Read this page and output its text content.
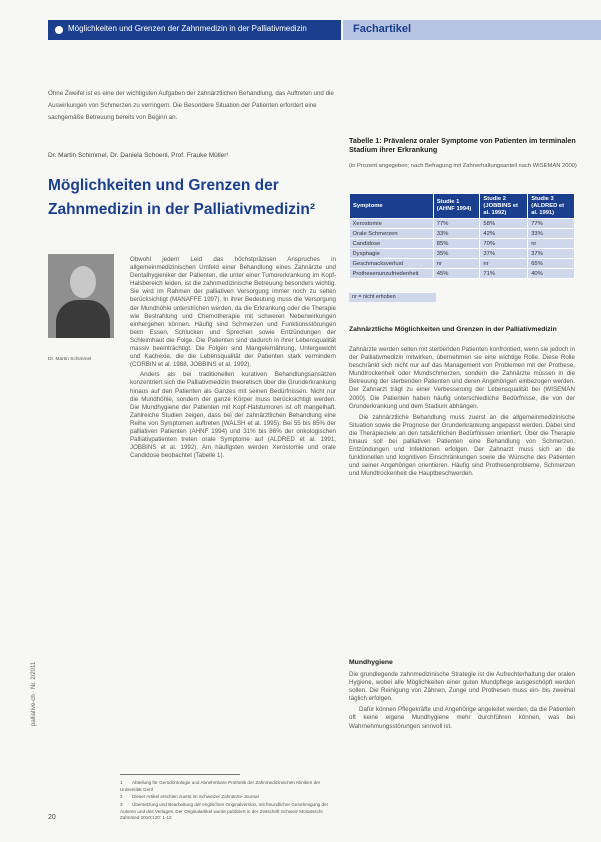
Möglichkeiten und Grenzen der Zahnmedizin in der Palliativmedizin	Fachartikel
Ohne Zweifel ist es eine der wichtigsten Aufgaben der zahnärztlichen Behandlung, das Auftreten und die Auswirkungen von Schmerzen zu verringern. Die Besondere Situation der Patienten erfordert eine sachgemäße Betreuung bereits von Beginn an.
Dr. Martin Schimmel, Dr. Daniela Schoenl, Prof. Frauke Müller¹
Möglichkeiten und Grenzen der Zahnmedizin in der Palliativmedizin²
Dr. Martin Schimmel

Obwohl jedem Leid das höchstpräzisen Anspruches in allgemeinmedizinischen Umfeld einer Behandlung eines Zahnärzte und Dentalhygieniker der Patienten, die unter einer Tumorerkrankung im Kopf-Halsbereich leiden, ist die zahnmedizinische Betreuung besonders wichtig. Sie wird im Rahmen der palliativen Versorgung immer noch zu selten berücksichtigt (MANAFFE 1997). In ihrer Bedeutung muss die Versorgung der Mundhöhle unterstrichen werden, da die Erkrankung oder die Therapie wie Bestrahlung und Chemotherapie mit schweren Nebenwirkungen einhergehen können. Häufig sind Schmerzen und Funktionsstörungen beim Essen, Schlucken und Sprechen sowie Entzündungen der Schleimhaut die Folge. Die Patienten sind dadurch in ihrer Lebensqualität massiv beeinträchtigt. Die Folgen sind Mangelernährung, Untergewicht und Kachexie, die die Lebensqualität der Patienten stark vermindern (CORBIN et al. 1988, JOBBINS et al. 1992).

Anders als bei traditionellen kurativen Behandlungsansätzen konzentriert sich die Palliativmedizin theoretisch über die Grunderkrankung hinaus auf den Patienten als Ganzes mit seinen Bedürfnissen. Nicht nur die Mundhöhle, sondern der ganze Körper muss berücksichtigt werden. Die Mundhygiene der Patienten mit Kopf-Halstumoren ist oft mangelhaft. Zahlreiche Studien zeigen, dass bei der zahnärztlichen Behandlung eine Reihe von Symptomen auftreten (WALSH et al. 1995). Bei 55 bis 85% der palliativen Patienten (AHNF 1994) und 31% bis 86% der onkologischen Palliativpatienten treten orale Symptome auf (ALDRED et al. 1991, JOBBINS et al. 1992). Am häufigsten werden Xerostomie und orale Candidose beobachtet (Tabelle 1).

palliative-ch · Nr. 2/2011
1 Abteilung für Gerodontologie und Abnehmbare Prothetik der Zahnmedizinischen Kliniken der Universität Genf
2 Dieser Artikel erschien zuerst im Schweizer Zahnärzte-Journal
3 Übersetzung und Bearbeitung der englischen Originalversion, mit freundlicher Genehmigung der Autoren und des Verlages. Der Originalartikel wurde publiziert in der Zeitschrift Schweiz Monatsschr Zahnmed 2010;120: 1-12
20
Tabelle 1: Prävalenz oraler Symptome von Patienten im terminalen Stadium ihrer Erkrankung
(in Prozent angegeben; nach Befragung mit Zahnerhaltungsanteil nach WISEMAN 2000)
Symptome	Studie 1 (AHNF 1994)	Studie 2 (JOBBINS et al. 1992)	Studie 3 (ALDRED et al. 1991)
Xerostomie	77%	58%	77%
Orale Schmerzen	33%	42%	33%
Candidose	85%	70%	nr
Dysphagie	35%	37%	37%
Geschmacksverlust	nr	nr	65%
Prothesenunzufriedenheit	45%	71%	40%
nr = nicht erhoben
Zahnärztliche Möglichkeiten und Grenzen in der Palliativmedizin

Zahnärzte werden selten mit sterbenden Patienten konfrontiert, wenn sie jedoch in der Palliativmedizin mitwirken, übernehmen sie eine wichtige Rolle. Diese Rolle beschränkt sich nicht nur auf das Management von Problemen mit der Prothese, Mundtrockenheit oder Mundschmerzen, sondern die Zahnärzte müssen in die Betreuung der sterbenden Patienten und deren Angehörigen einbezogen werden. Der Zahnarzt trägt zu einer Verbesserung der Lebensqualität bei (WISEMAN 2000). Die Patienten haben häufig unterschiedliche Bedürfnisse, die von der Grunderkrankung und dem Stadium abhängen.

Die zahnärztliche Behandlung muss zuerst an die allgemeinmedizinische Situation sowie die Prognose der Grunderkrankung angepasst werden. Dabei sind die Therapieziele an den tatsächlichen Bedürfnissen orientiert. Über die Therapie hinaus soll bei palliativen Patienten eine Behandlung von Schmerzen, Entzündungen und Infektionen erfolgen. Der Zahnarzt muss sich an die funktionellen und kognitiven Einschränkungen sowie die Wünsche des Patienten und seiner Angehörigen orientieren. Häufig sind Prothesenprobleme, Schmerzen und Mundtrockenheit die Hauptbeschwerden.

Mundhygiene

Die grundlegende zahnmedizinische Strategie ist die Aufrechterhaltung der oralen Hygiene, wobei alle Möglichkeiten einer guten Mundpflege ausgeschöpft werden sollen. Die Reinigung von Zähnen, Zunge und Prothesen muss ein- bis zweimal täglich erfolgen.

Dafür können Pflegekräfte und Angehörige angeleitet werden, da die Patienten oft keine eigene Mundhygiene mehr durchführen können, was bei Wahrnehmungsstörungen sinnvoll ist.
